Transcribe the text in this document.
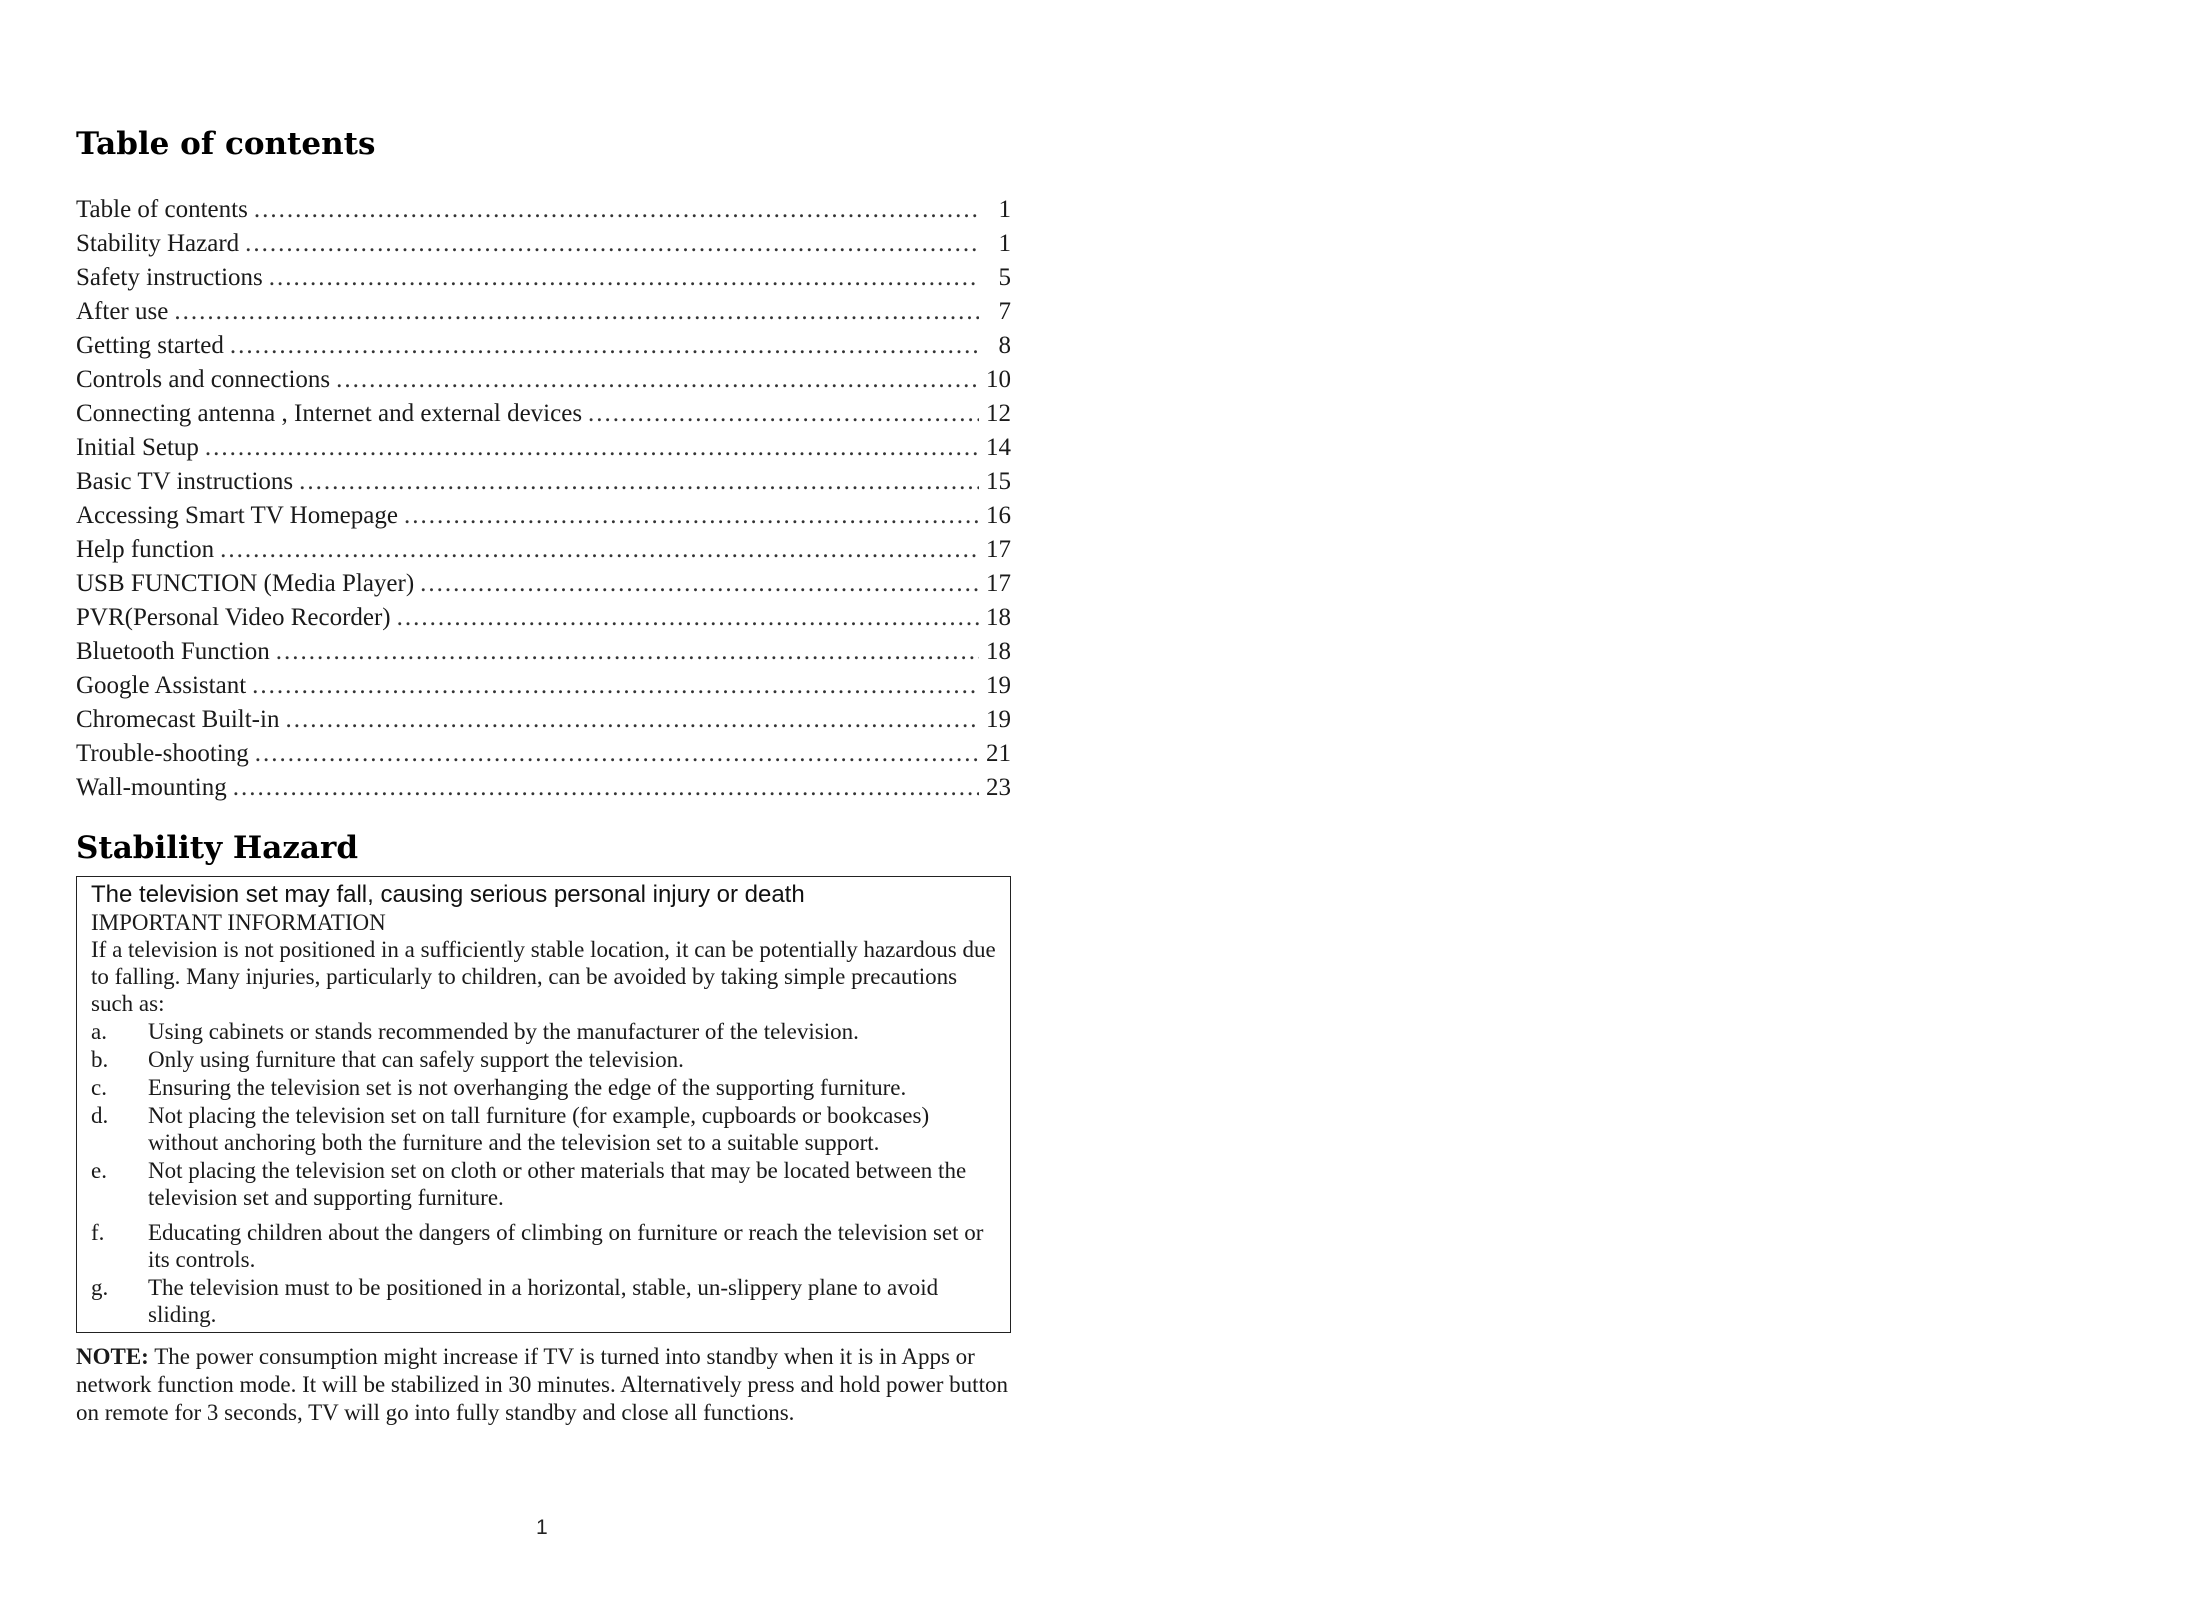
Table of contents
Table of contents .....	1
Stability Hazard .....	1
Safety instructions .....	5
After use .....	7
Getting started .....	8
Controls and connections .....	10
Connecting antenna , Internet and external devices .....	12
Initial Setup .....	14
Basic TV instructions .....	15
Accessing Smart TV Homepage .....	16
Help function .....	17
USB FUNCTION (Media Player) .....	17
PVR(Personal Video Recorder) .....	18
Bluetooth Function .....	18
Google Assistant .....	19
Chromecast Built-in .....	19
Trouble-shooting .....	21
Wall-mounting .....	23
Stability Hazard
The television set may fall, causing serious personal injury or death
IMPORTANT INFORMATION
If a television is not positioned in a sufficiently stable location, it can be potentially hazardous due to falling. Many injuries, particularly to children, can be avoided by taking simple precautions such as:
a.	Using cabinets or stands recommended by the manufacturer of the television.
b.	Only using furniture that can safely support the television.
c.	Ensuring the television set is not overhanging the edge of the supporting furniture.
d.	Not placing the television set on tall furniture (for example, cupboards or bookcases) without anchoring both the furniture and the television set to a suitable support.
e.	Not placing the television set on cloth or other materials that may be located between the television set and supporting furniture.
f.	Educating children about the dangers of climbing on furniture or reach the television set or its controls.
g.	The television must to be positioned in a horizontal, stable, un-slippery plane to avoid sliding.
NOTE: The power consumption might increase if TV is turned into standby when it is in Apps or network function mode. It will be stabilized in 30 minutes. Alternatively press and hold power button on remote for 3 seconds, TV will go into fully standby and close all functions.
1
